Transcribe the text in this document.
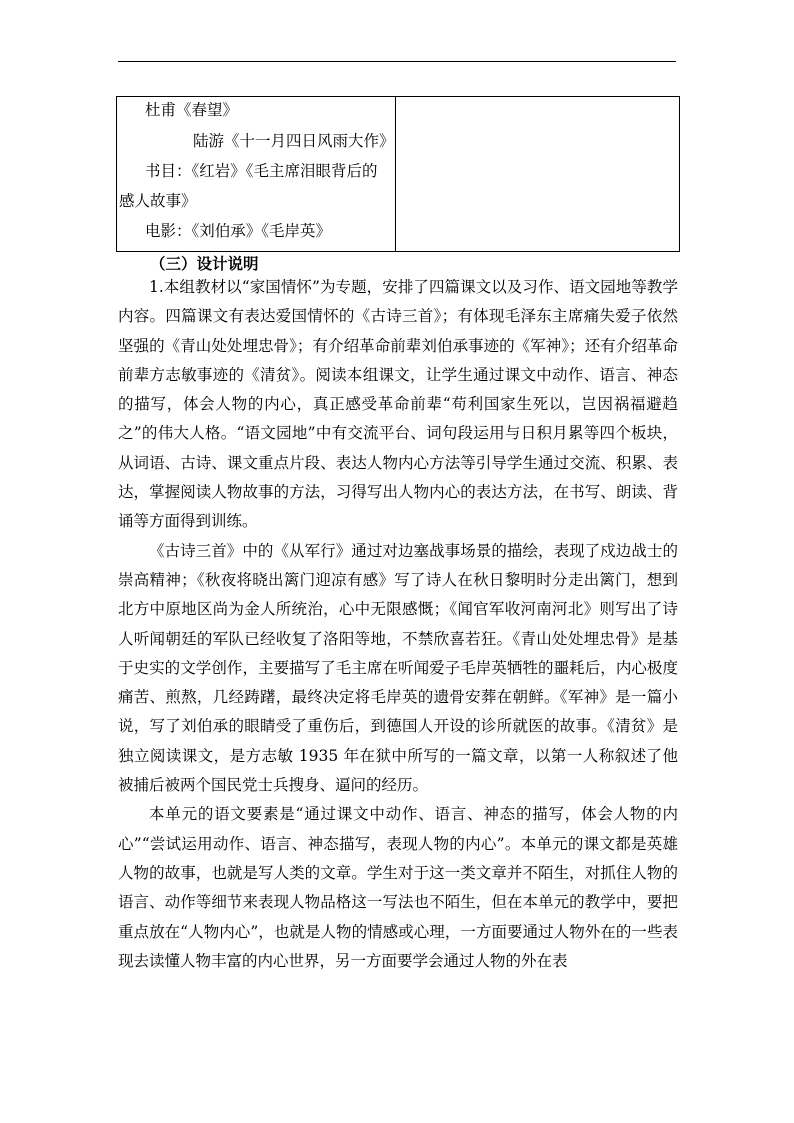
杜甫《春望》
陆游《十一月四日风雨大作》
书目：《红岩》《毛主席泪眼背后的
感人故事》
电影：《刘伯承》《毛岸英》
（三）设计说明

1.本组教材以“家国情怀”为专题，安排了四篇课文以及习作、语文园地等教学内容。四篇课文有表达爱国情怀的《古诗三首》；有体现毛泽东主席痛失爱子依然坚强的《青山处处埋忠骨》；有介绍革命前辈刘伯承事迹的《军神》；还有介绍革命前辈方志敏事迹的《清贫》。阅读本组课文，让学生通过课文中动作、语言、神态的描写，体会人物的内心，真正感受革命前辈“苟利国家生死以，岂因祸福避趋之”的伟大人格。“语文园地”中有交流平台、词句段运用与日积月累等四个板块，从词语、古诗、课文重点片段、表达人物内心方法等引导学生通过交流、积累、表达，掌握阅读人物故事的方法，习得写出人物内心的表达方法，在书写、朗读、背诵等方面得到训练。

《古诗三首》中的《从军行》通过对边塞战事场景的描绘，表现了戍边战士的崇高精神；《秋夜将晓出篱门迎凉有感》写了诗人在秋日黎明时分走出篱门，想到北方中原地区尚为金人所统治，心中无限感慨；《闻官军收河南河北》则写出了诗人听闻朝廷的军队已经收复了洛阳等地，不禁欣喜若狂。《青山处处埋忠骨》是基于史实的文学创作，主要描写了毛主席在听闻爱子毛岸英牺牲的噩耗后，内心极度痛苦、煎熬，几经踌躇，最终决定将毛岸英的遗骨安葬在朝鲜。《军神》是一篇小说，写了刘伯承的眼睛受了重伤后，到德国人开设的诊所就医的故事。《清贫》是独立阅读课文，是方志敏 1935 年在狱中所写的一篇文章，以第一人称叙述了他被捕后被两个国民党士兵搜身、逼问的经历。

本单元的语文要素是“通过课文中动作、语言、神态的描写，体会人物的内心”“尝试运用动作、语言、神态描写，表现人物的内心”。本单元的课文都是英雄人物的故事，也就是写人类的文章。学生对于这一类文章并不陌生，对抓住人物的语言、动作等细节来表现人物品格这一写法也不陌生，但在本单元的教学中，要把重点放在“人物内心”，也就是人物的情感或心理，一方面要通过人物外在的一些表现去读懂人物丰富的内心世界，另一方面要学会通过人物的外在表
